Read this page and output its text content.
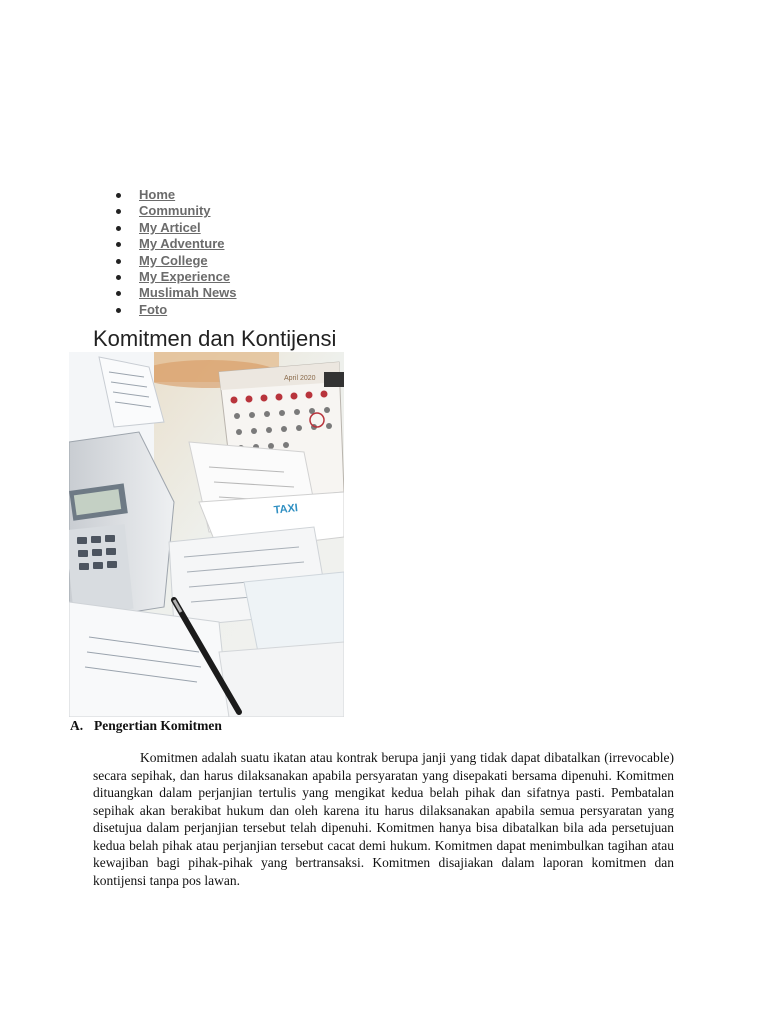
Home
Community
My Articel
My Adventure
My College
My Experience
Muslimah News
Foto
Komitmen dan Kontijensi
April 2020
TAXI
A. Pengertian Komitmen

Komitmen adalah suatu ikatan atau kontrak berupa janji yang tidak dapat dibatalkan (irrevocable) secara sepihak, dan harus dilaksanakan apabila persyaratan yang disepakati bersama dipenuhi. Komitmen dituangkan dalam perjanjian tertulis yang mengikat kedua belah pihak dan sifatnya pasti. Pembatalan sepihak akan berakibat hukum dan oleh karena itu harus dilaksanakan apabila semua persyaratan yang disetujua dalam perjanjian tersebut telah dipenuhi. Komitmen hanya bisa dibatalkan bila ada persetujuan kedua belah pihak atau perjanjian tersebut cacat demi hukum. Komitmen dapat menimbulkan tagihan atau kewajiban bagi pihak-pihak yang bertransaksi. Komitmen disajiakan dalam laporan komitmen dan kontijensi tanpa pos lawan.
